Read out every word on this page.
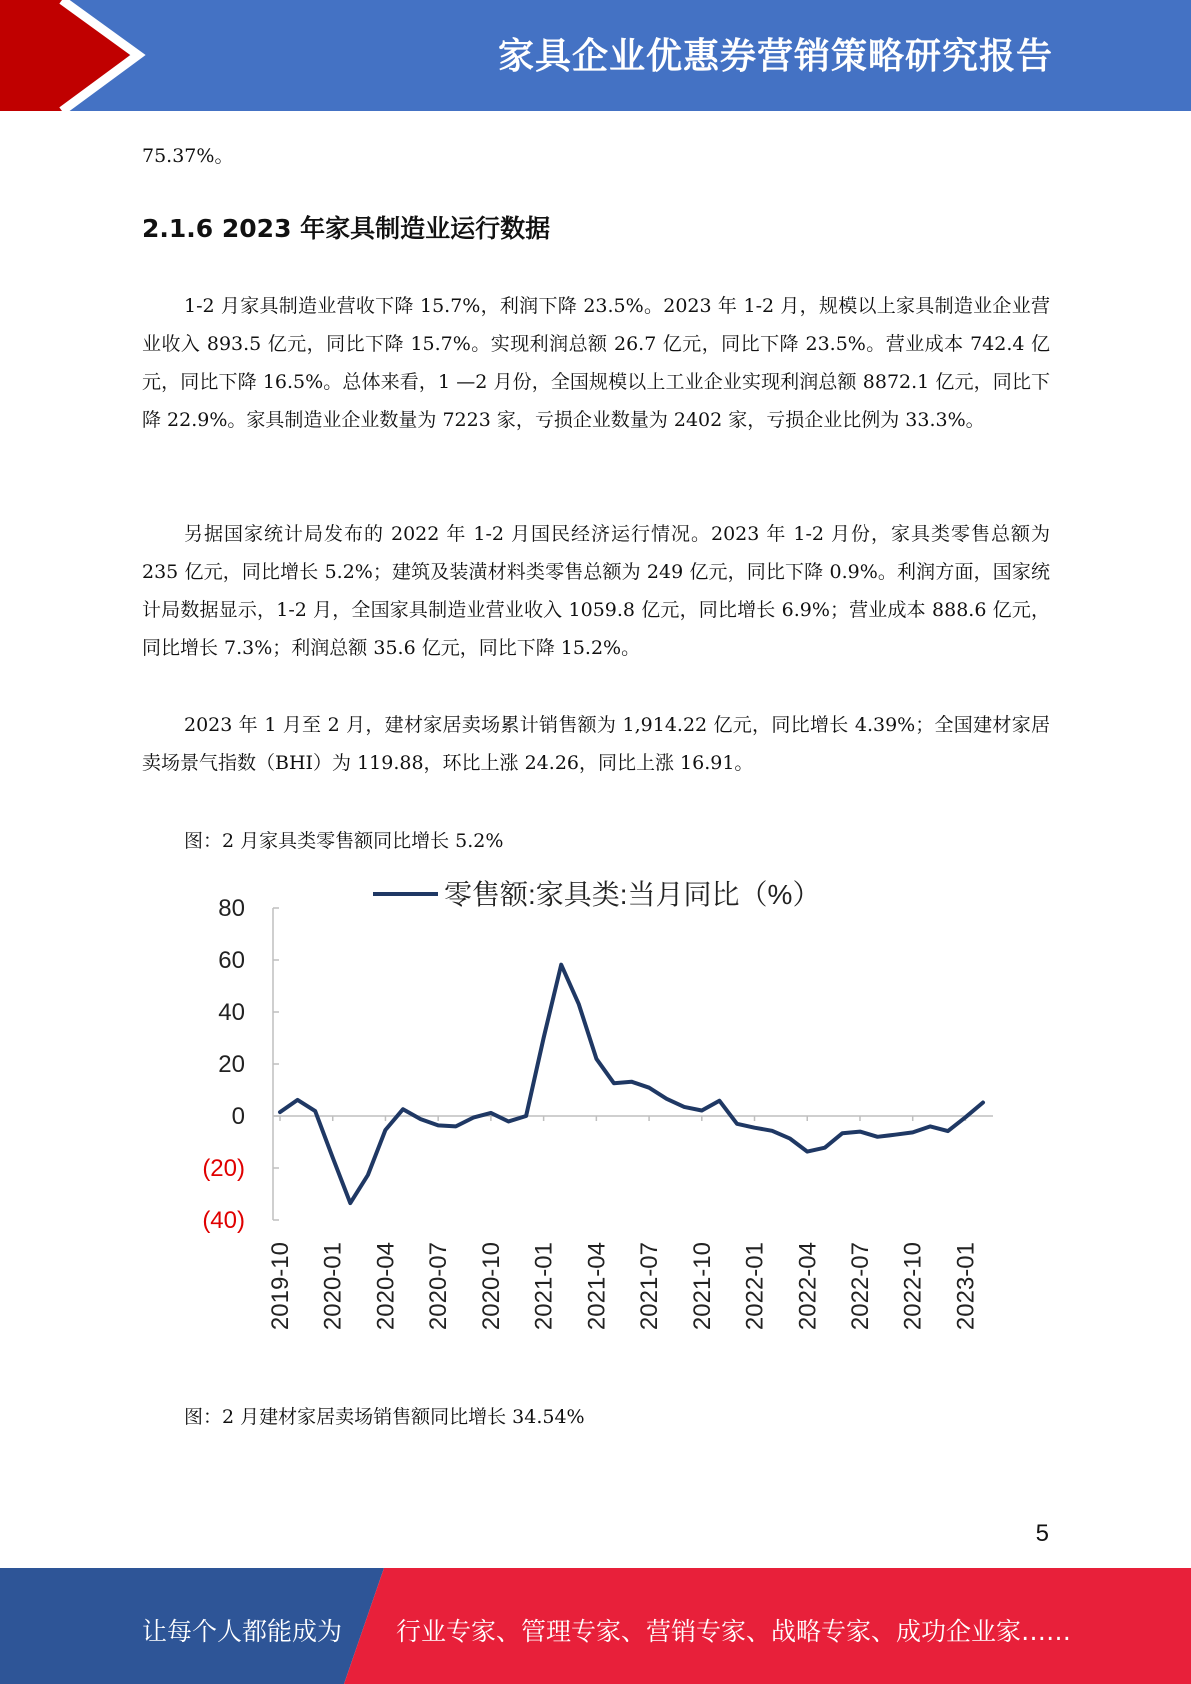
家具企业优惠券营销策略研究报告

75.37%。

2.1.6 2023 年家具制造业运行数据

1-2 月家具制造业营收下降 15.7%，利润下降 23.5%。2023 年 1-2 月，规模以上家具制造业企业营业收入 893.5 亿元，同比下降 15.7%。实现利润总额 26.7 亿元，同比下降 23.5%。营业成本 742.4 亿元，同比下降 16.5%。总体来看，1 —2 月份，全国规模以上工业企业实现利润总额 8872.1 亿元，同比下降 22.9%。家具制造业企业数量为 7223 家，亏损企业数量为 2402 家，亏损企业比例为 33.3%。

另据国家统计局发布的 2022 年 1-2 月国民经济运行情况。2023 年 1-2 月份，家具类零售总额为 235 亿元，同比增长 5.2%；建筑及装潢材料类零售总额为 249 亿元，同比下降 0.9%。利润方面，国家统计局数据显示，1-2 月，全国家具制造业营业收入 1059.8 亿元，同比增长 6.9%；营业成本 888.6 亿元，同比增长 7.3%；利润总额 35.6 亿元，同比下降 15.2%。

2023 年 1 月至 2 月，建材家居卖场累计销售额为 1,914.22 亿元，同比增长 4.39%；全国建材家居卖场景气指数（BHI）为 119.88，环比上涨 24.26，同比上涨 16.91。

图：2 月家具类零售额同比增长 5.2%

零售额:家具类:当月同比（%）
80
60
40
20
0
(20)
(40)
2019-10 2020-01 2020-04 2020-07 2020-10 2021-01 2021-04 2021-07 2021-10 2022-01 2022-04 2022-07 2022-10 2023-01

图：2 月建材家居卖场销售额同比增长 34.54%

5
让每个人都能成为 行业专家、管理专家、营销专家、战略专家、成功企业家……
